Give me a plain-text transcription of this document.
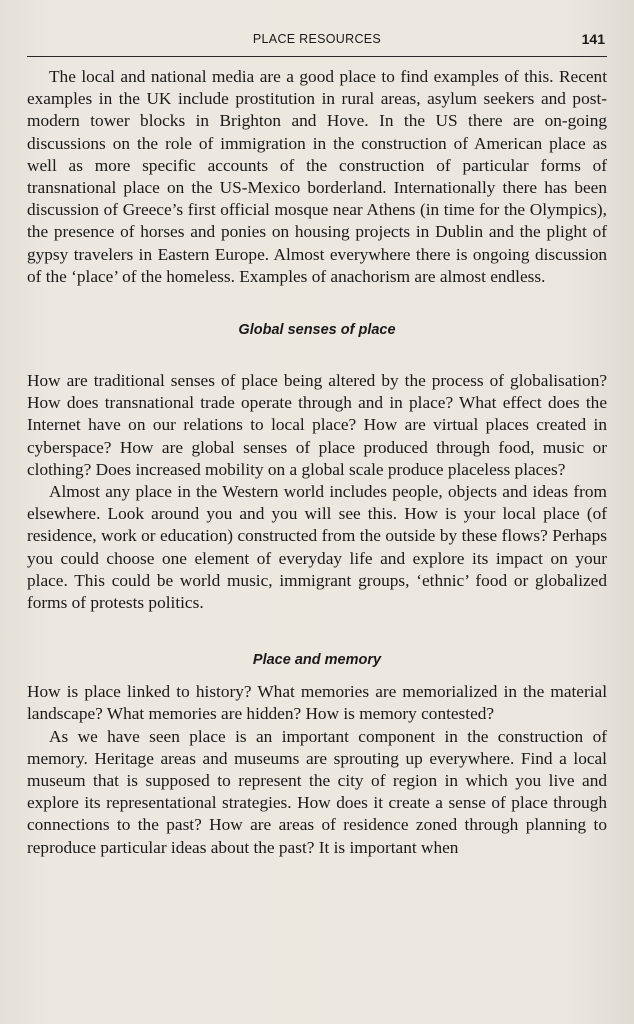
PLACE RESOURCES	141

The local and national media are a good place to find examples of this. Recent examples in the UK include prostitution in rural areas, asylum seekers and post-modern tower blocks in Brighton and Hove. In the US there are on-going discussions on the role of immigration in the construction of American place as well as more specific accounts of the construction of particular forms of transnational place on the US-Mexico borderland. Internationally there has been discussion of Greece’s first official mosque near Athens (in time for the Olympics), the presence of horses and ponies on housing projects in Dublin and the plight of gypsy travelers in Eastern Europe. Almost everywhere there is ongoing discussion of the ‘place’ of the homeless. Examples of anachorism are almost endless.

Global senses of place

How are traditional senses of place being altered by the process of globalisation? How does transnational trade operate through and in place? What effect does the Internet have on our relations to local place? How are virtual places created in cyberspace? How are global senses of place produced through food, music or clothing? Does increased mobility on a global scale produce placeless places?

Almost any place in the Western world includes people, objects and ideas from elsewhere. Look around you and you will see this. How is your local place (of residence, work or education) constructed from the outside by these flows? Perhaps you could choose one element of everyday life and explore its impact on your place. This could be world music, immigrant groups, ‘ethnic’ food or globalized forms of protests politics.

Place and memory

How is place linked to history? What memories are memorialized in the material landscape? What memories are hidden? How is memory contested?

As we have seen place is an important component in the construction of memory. Heritage areas and museums are sprouting up everywhere. Find a local museum that is supposed to represent the city of region in which you live and explore its representational strategies. How does it create a sense of place through connections to the past? How are areas of residence zoned through planning to reproduce particular ideas about the past? It is important when
